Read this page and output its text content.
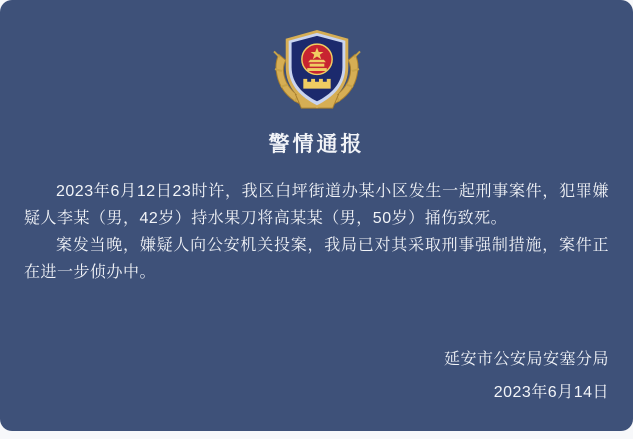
警情通报

2023年6月12日23时许，我区白坪街道办某小区发生一起刑事案件，犯罪嫌疑人李某（男，42岁）持水果刀将高某某（男，50岁）捅伤致死。

案发当晚，嫌疑人向公安机关投案，我局已对其采取刑事强制措施，案件正在进一步侦办中。

延安市公安局安塞分局
2023年6月14日
